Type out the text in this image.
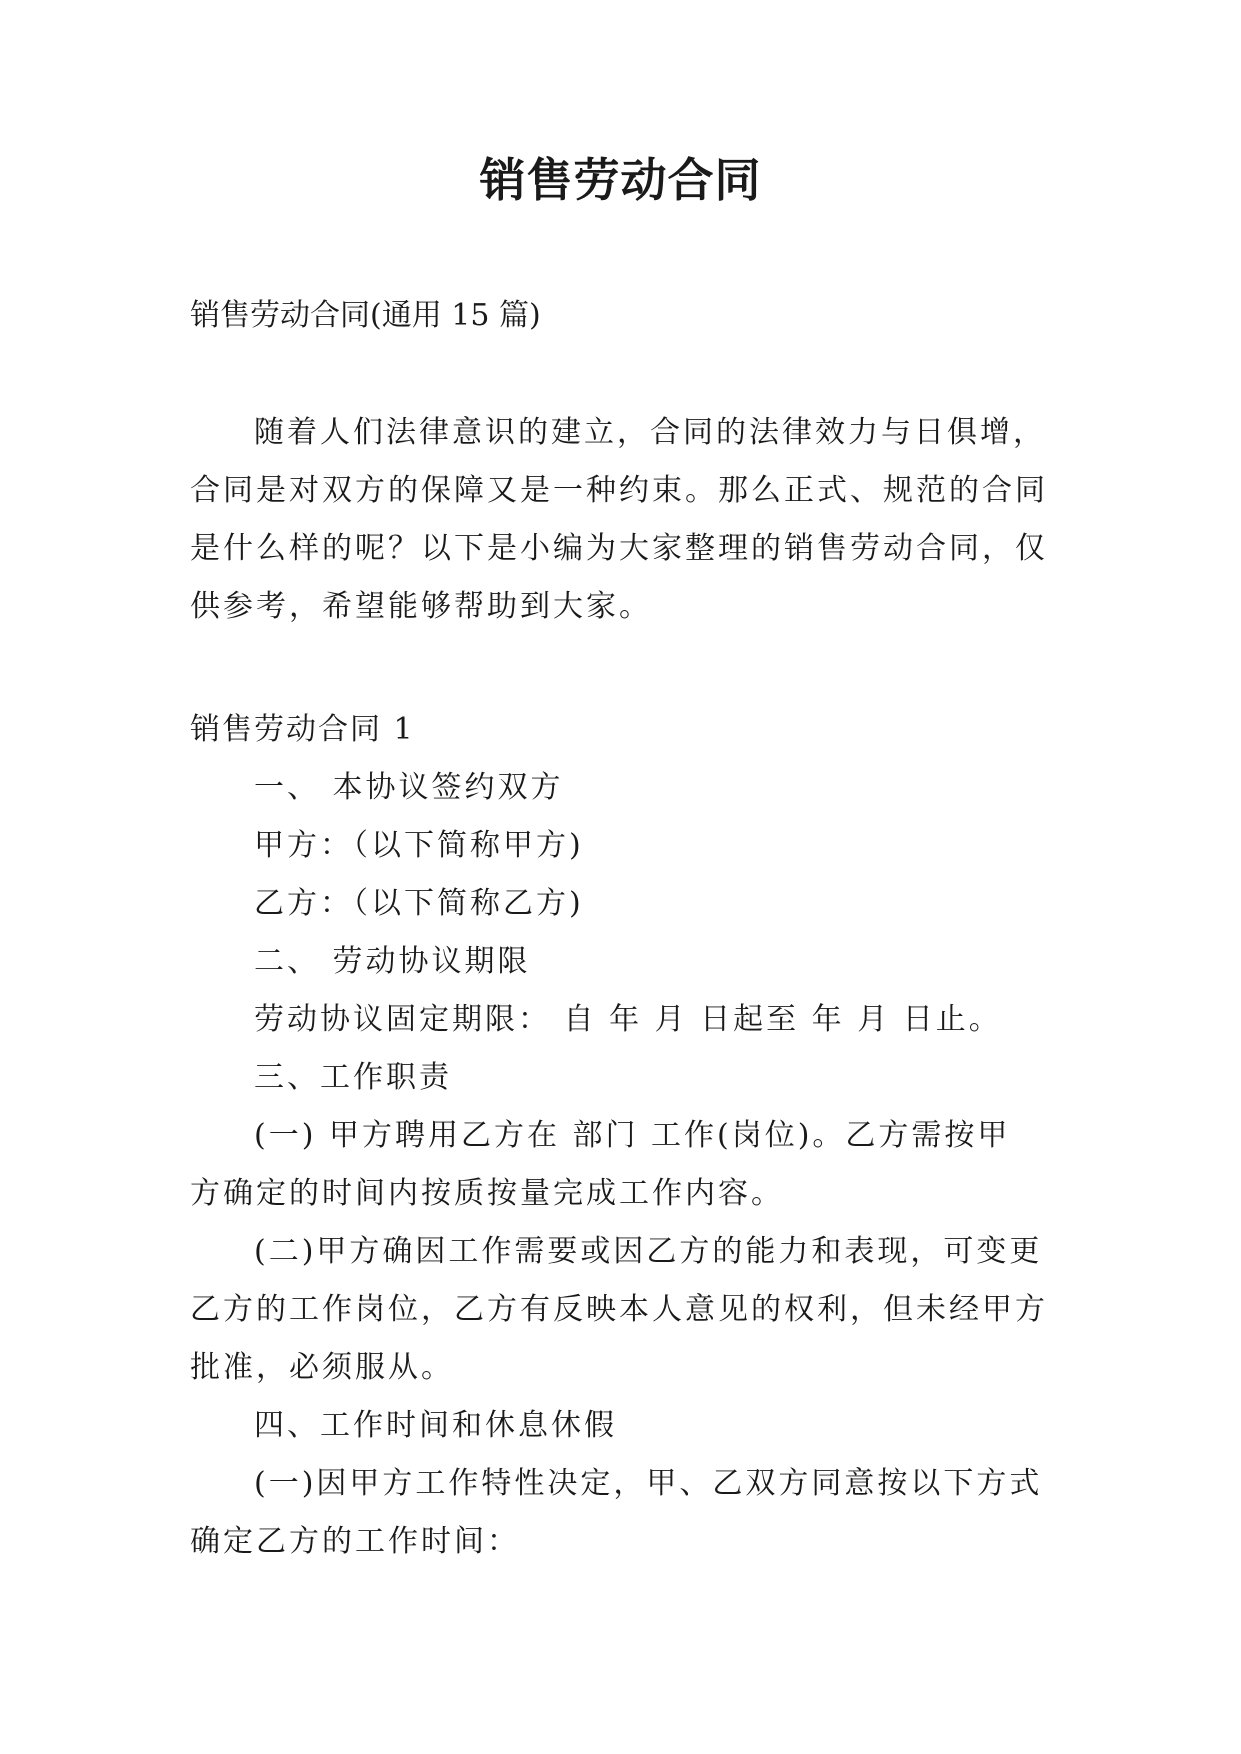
销售劳动合同
销售劳动合同(通用 15 篇)
随着人们法律意识的建立，合同的法律效力与日俱增，
合同是对双方的保障又是一种约束。那么正式、规范的合同
是什么样的呢？以下是小编为大家整理的销售劳动合同，仅
供参考，希望能够帮助到大家。
销售劳动合同 1
一、 本协议签约双方
甲方：（以下简称甲方)
乙方：（以下简称乙方)
二、 劳动协议期限
劳动协议固定期限： 自 年 月 日起至 年 月 日止。
三、工作职责
(一) 甲方聘用乙方在 部门 工作(岗位)。乙方需按甲
方确定的时间内按质按量完成工作内容。
(二)甲方确因工作需要或因乙方的能力和表现，可变更
乙方的工作岗位，乙方有反映本人意见的权利，但未经甲方
批准，必须服从。
四、工作时间和休息休假
(一)因甲方工作特性决定，甲、乙双方同意按以下方式
确定乙方的工作时间：
